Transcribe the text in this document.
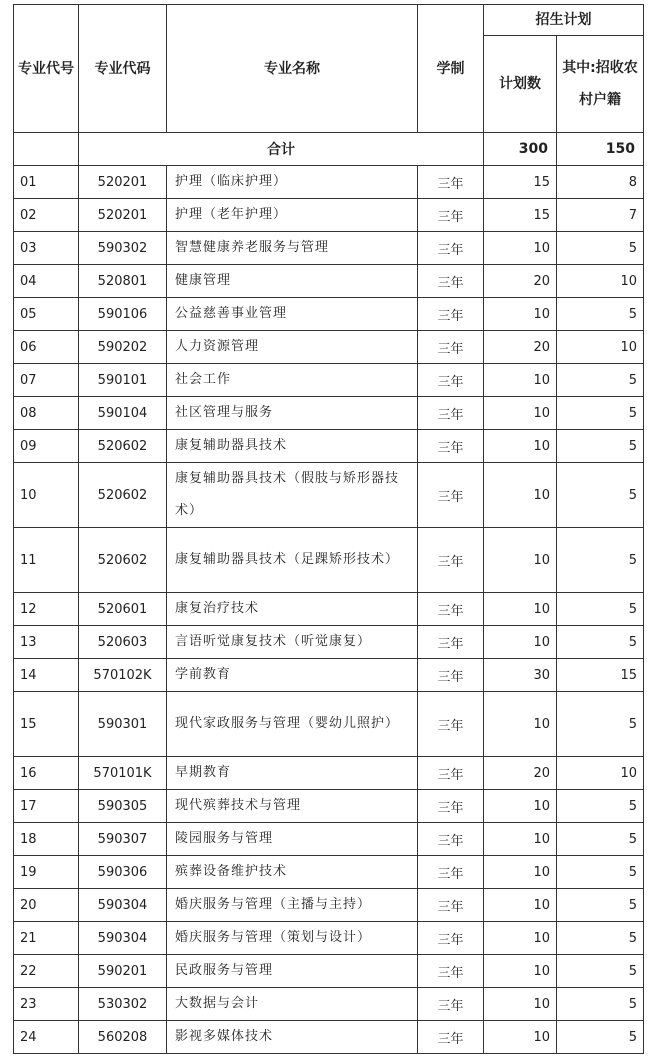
专业代号	专业代码	专业名称	学制	招生计划	
				计划数	其中:招收农村户籍
	合计			300	150
01	520201	护理（临床护理）	三年	15	8
02	520201	护理（老年护理）	三年	15	7
03	590302	智慧健康养老服务与管理	三年	10	5
04	520801	健康管理	三年	20	10
05	590106	公益慈善事业管理	三年	10	5
06	590202	人力资源管理	三年	20	10
07	590101	社会工作	三年	10	5
08	590104	社区管理与服务	三年	10	5
09	520602	康复辅助器具技术	三年	10	5
10	520602	康复辅助器具技术（假肢与矫形器技术）	三年	10	5
11	520602	康复辅助器具技术（足踝矫形技术）	三年	10	5
12	520601	康复治疗技术	三年	10	5
13	520603	言语听觉康复技术（听觉康复）	三年	10	5
14	570102K	学前教育	三年	30	15
15	590301	现代家政服务与管理（婴幼儿照护）	三年	10	5
16	570101K	早期教育	三年	20	10
17	590305	现代殡葬技术与管理	三年	10	5
18	590307	陵园服务与管理	三年	10	5
19	590306	殡葬设备维护技术	三年	10	5
20	590304	婚庆服务与管理（主播与主持）	三年	10	5
21	590304	婚庆服务与管理（策划与设计）	三年	10	5
22	590201	民政服务与管理	三年	10	5
23	530302	大数据与会计	三年	10	5
24	560208	影视多媒体技术	三年	10	5
